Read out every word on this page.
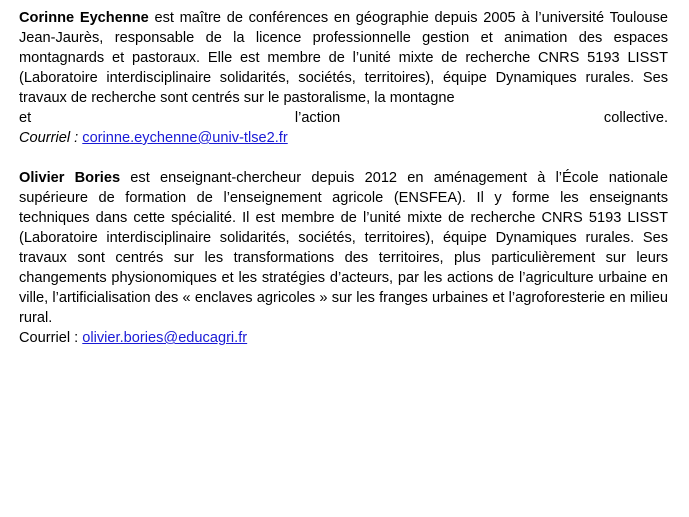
Corinne Eychenne est maître de conférences en géographie depuis 2005 à l’université Toulouse Jean-Jaurès, responsable de la licence professionnelle gestion et animation des espaces montagnards et pastoraux. Elle est membre de l’unité mixte de recherche CNRS 5193 LISST (Laboratoire interdisciplinaire solidarités, sociétés, territoires), équipe Dynamiques rurales. Ses travaux de recherche sont centrés sur le pastoralisme, la montagne

et	l’action	collective.

Courriel : corinne.eychenne@univ-tlse2.fr

Olivier Bories est enseignant-chercheur depuis 2012 en aménagement à l’École nationale supérieure de formation de l’enseignement agricole (ENSFEA). Il y forme les enseignants techniques dans cette spécialité. Il est membre de l’unité mixte de recherche CNRS 5193 LISST (Laboratoire interdisciplinaire solidarités, sociétés, territoires), équipe Dynamiques rurales. Ses travaux sont centrés sur les transformations des territoires, plus particulièrement sur leurs changements physionomiques et les stratégies d’acteurs, par les actions de l’agriculture urbaine en ville, l’artificialisation des « enclaves agricoles » sur les franges urbaines et l’agroforesterie en milieu rural.

Courriel : olivier.bories@educagri.fr
